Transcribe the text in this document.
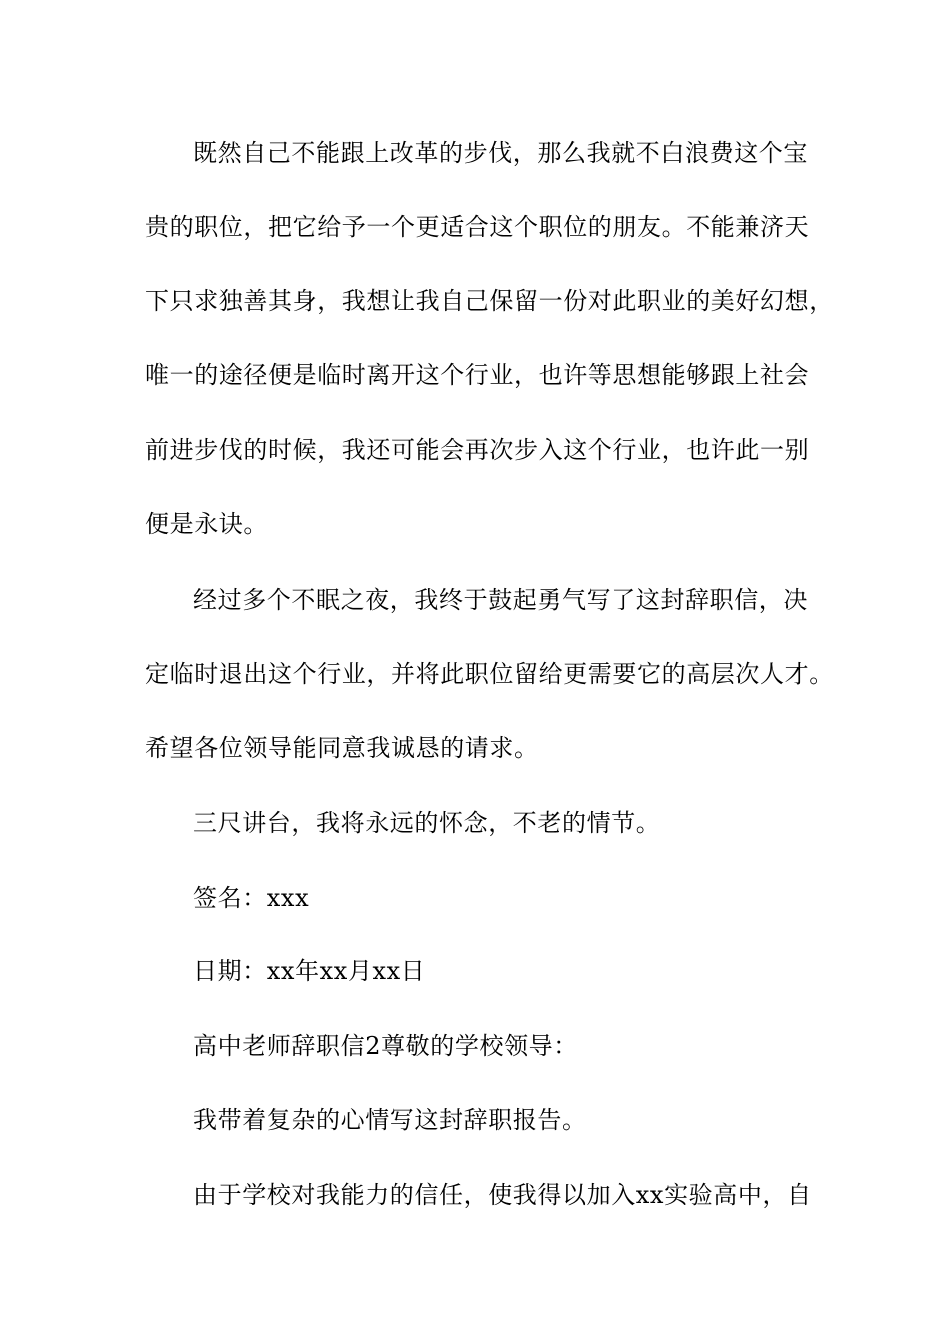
既然自己不能跟上改革的步伐，那么我就不白浪费这个宝
贵的职位，把它给予一个更适合这个职位的朋友。不能兼济天
下只求独善其身，我想让我自己保留一份对此职业的美好幻想，
唯一的途径便是临时离开这个行业，也许等思想能够跟上社会
前进步伐的时候，我还可能会再次步入这个行业，也许此一别
便是永诀。
经过多个不眠之夜，我终于鼓起勇气写了这封辞职信，决
定临时退出这个行业，并将此职位留给更需要它的高层次人才。
希望各位领导能同意我诚恳的请求。
三尺讲台，我将永远的怀念，不老的情节。
签名：xxx
日期：xx年xx月xx日
高中老师辞职信2尊敬的学校领导：
我带着复杂的心情写这封辞职报告。
由于学校对我能力的信任，使我得以加入xx实验高中，自
